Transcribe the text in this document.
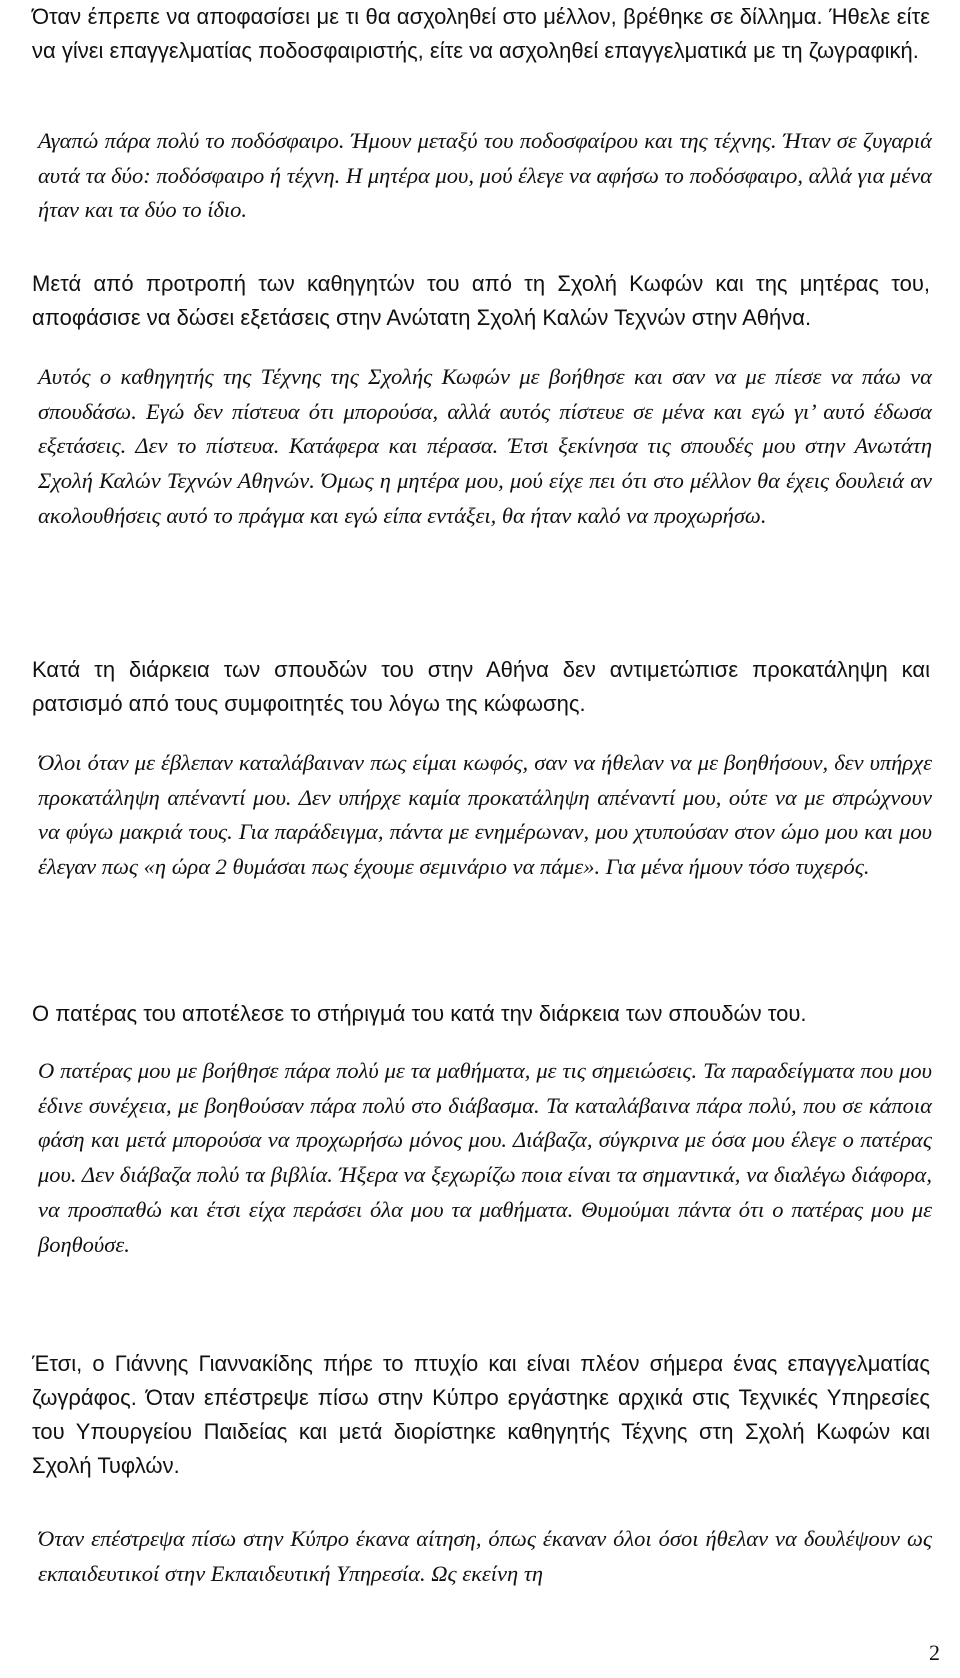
Όταν έπρεπε να αποφασίσει με τι θα ασχοληθεί στο μέλλον, βρέθηκε σε δίλλημα. Ήθελε είτε να γίνει επαγγελματίας ποδοσφαιριστής, είτε να ασχοληθεί επαγγελματικά με τη ζωγραφική.

Αγαπώ πάρα πολύ το ποδόσφαιρο. Ήμουν μεταξύ του ποδοσφαίρου και της τέχνης. Ήταν σε ζυγαριά αυτά τα δύο: ποδόσφαιρο ή τέχνη. Η μητέρα μου, μού έλεγε να αφήσω το ποδόσφαιρο, αλλά για μένα ήταν και τα δύο το ίδιο.

Μετά από προτροπή των καθηγητών του από τη Σχολή Κωφών και της μητέρας του, αποφάσισε να δώσει εξετάσεις στην Ανώτατη Σχολή Καλών Τεχνών στην Αθήνα.

Αυτός ο καθηγητής της Τέχνης της Σχολής Κωφών με βοήθησε και σαν να με πίεσε να πάω να σπουδάσω. Εγώ δεν πίστευα ότι μπορούσα, αλλά αυτός πίστευε σε μένα και εγώ γι’ αυτό έδωσα εξετάσεις. Δεν το πίστευα. Κατάφερα και πέρασα. Έτσι ξεκίνησα τις σπουδές μου στην Ανωτάτη Σχολή Καλών Τεχνών Αθηνών. Όμως η μητέρα μου, μού είχε πει ότι στο μέλλον θα έχεις δουλειά αν ακολουθήσεις αυτό το πράγμα και εγώ είπα εντάξει, θα ήταν καλό να προχωρήσω.

Κατά τη διάρκεια των σπουδών του στην Αθήνα δεν αντιμετώπισε προκατάληψη και ρατσισμό από τους συμφοιτητές του λόγω της κώφωσης.

Όλοι όταν με έβλεπαν καταλάβαιναν πως είμαι κωφός, σαν να ήθελαν να με βοηθήσουν, δεν υπήρχε προκατάληψη απέναντί μου. Δεν υπήρχε καμία προκατάληψη απέναντί μου, ούτε να με σπρώχνουν να φύγω μακριά τους. Για παράδειγμα, πάντα με ενημέρωναν, μου χτυπούσαν στον ώμο μου και μου έλεγαν πως «η ώρα 2 θυμάσαι πως έχουμε σεμινάριο να πάμε». Για μένα ήμουν τόσο τυχερός.

Ο πατέρας του αποτέλεσε το στήριγμά του κατά την διάρκεια των σπουδών του.

Ο πατέρας μου με βοήθησε πάρα πολύ με τα μαθήματα, με τις σημειώσεις. Τα παραδείγματα που μου έδινε συνέχεια, με βοηθούσαν πάρα πολύ στο διάβασμα. Τα καταλάβαινα πάρα πολύ, που σε κάποια φάση και μετά μπορούσα να προχωρήσω μόνος μου. Διάβαζα, σύγκρινα με όσα μου έλεγε ο πατέρας μου. Δεν διάβαζα πολύ τα βιβλία. Ήξερα να ξεχωρίζω ποια είναι τα σημαντικά, να διαλέγω διάφορα, να προσπαθώ και έτσι είχα περάσει όλα μου τα μαθήματα. Θυμούμαι πάντα ότι ο πατέρας μου με βοηθούσε.

Έτσι, ο Γιάννης Γιαννακίδης πήρε το πτυχίο και είναι πλέον σήμερα ένας επαγγελματίας ζωγράφος. Όταν επέστρεψε πίσω στην Κύπρο εργάστηκε αρχικά στις Τεχνικές Υπηρεσίες του Υπουργείου Παιδείας και μετά διορίστηκε καθηγητής Τέχνης στη Σχολή Κωφών και Σχολή Τυφλών.

Όταν επέστρεψα πίσω στην Κύπρο έκανα αίτηση, όπως έκαναν όλοι όσοι ήθελαν να δουλέψουν ως εκπαιδευτικοί στην Εκπαιδευτική Υπηρεσία. Ως εκείνη τη

2
